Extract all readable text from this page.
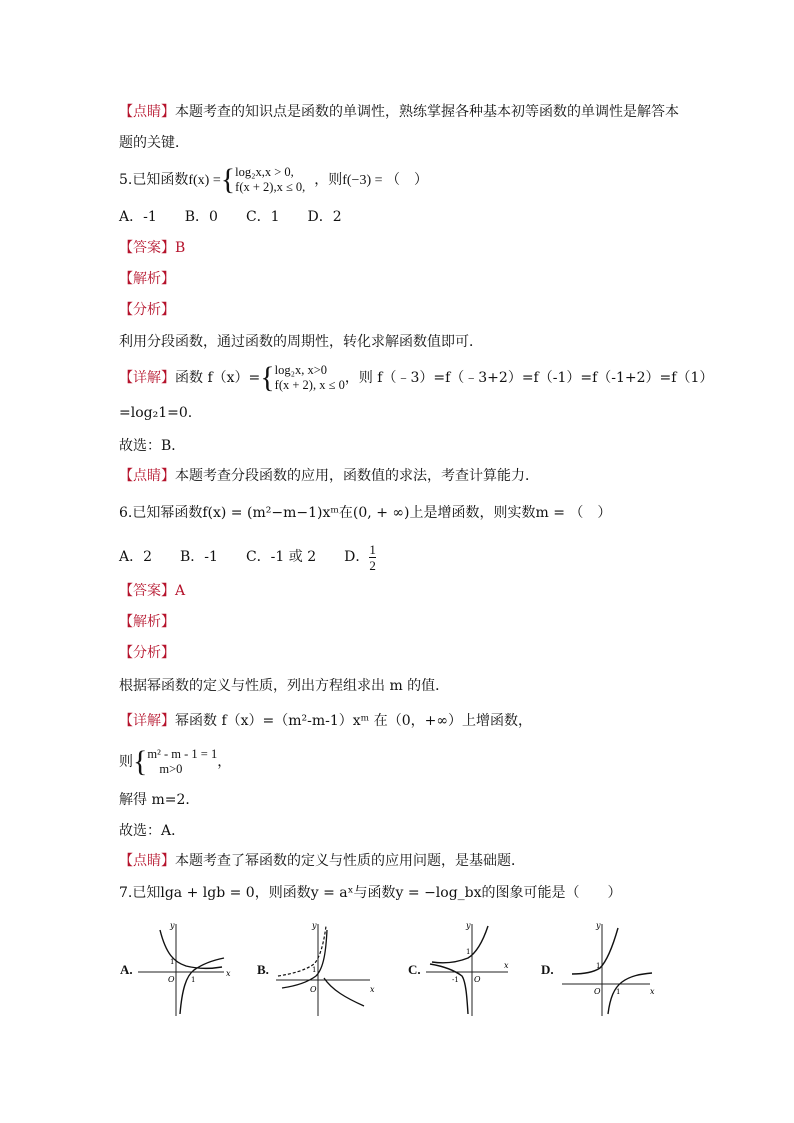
【点睛】本题考查的知识点是函数的单调性，熟练掌握各种基本初等函数的单调性是解答本
题的关键．
5.已知函数f(x) ={log₂x,x > 0,
f(x + 2),x ≤ 0, ，则f(−3) = （　）
A．-1　　B．0　　C．1　　D．2
【答案】B
【解析】
【分析】
利用分段函数，通过函数的周期性，转化求解函数值即可．
【详解】函数 f（x）={log₂x, x>0
f(x + 2), x ≤ 0，则 f（﹣3）=f（﹣3+2）=f（-1）=f（-1+2）=f（1）
=log₂1=0.
故选：B．
【点睛】本题考查分段函数的应用，函数值的求法，考查计算能力．
6.已知幂函数f(x) = (m²−m−1)xᵐ在(0, + ∞)上是增函数，则实数m = （　）
A．2　　B．-1　　C．-1 或 2　　D．$\frac{1}{2}$
【答案】A
【解析】
【分析】
根据幂函数的定义与性质，列出方程组求出 m 的值．
【详解】幂函数 f（x）=（m²-m-1）xᵐ 在（0，+∞）上增函数，
则{m² - m - 1 = 1
m>0 ，
解得 m=2．
故选：A．
【点睛】本题考查了幂函数的定义与性质的应用问题，是基础题．
7.已知lga + lgb = 0，则函数y = aˣ与函数y = −log_bx的图象可能是（　　）
A.	B.	C.	D.
y
x
O
1
1
y
x
O
1
y
x
O
1
-1
y
x
O
1
1
